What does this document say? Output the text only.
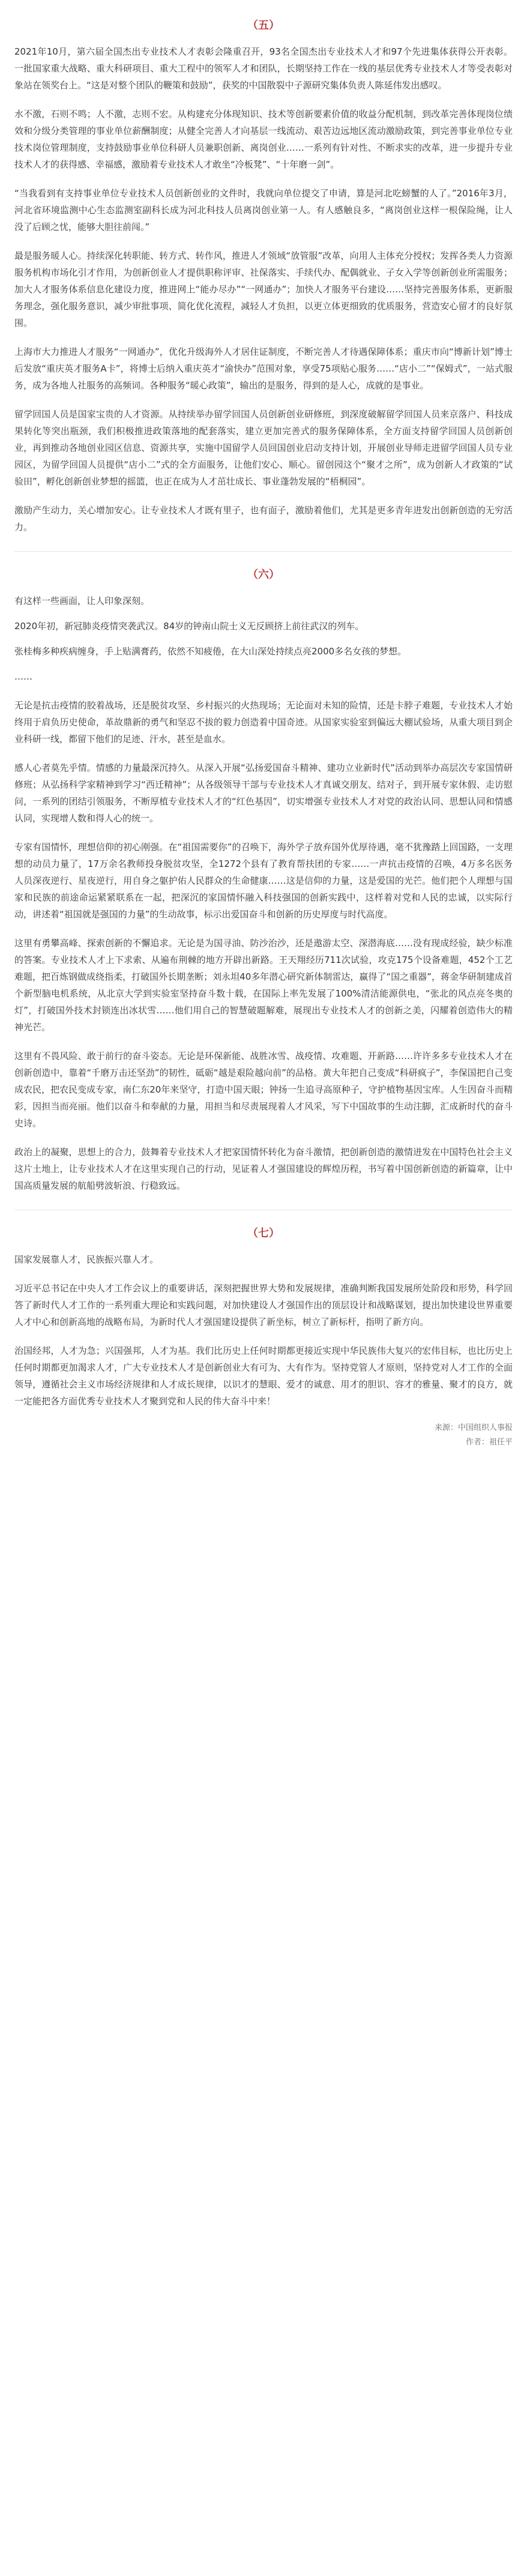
（五）

2021年10月，第六届全国杰出专业技术人才表彰会隆重召开，93名全国杰出专业技术人才和97个先进集体获得公开表彰。一批国家重大战略、重大科研项目、重大工程中的领军人才和团队，长期坚持工作在一线的基层优秀专业技术人才等受表彰对象站在领奖台上。“这是对整个团队的鞭策和鼓励”，获奖的中国散裂中子源研究集体负责人陈延伟发出感叹。

水不激，石则不鸣；人不激，志则不宏。从构建充分体现知识、技术等创新要素价值的收益分配机制，到改革完善体现岗位绩效和分级分类管理的事业单位薪酬制度；从健全完善人才向基层一线流动、艰苦边远地区流动激励政策，到完善事业单位专业技术岗位管理制度，支持鼓励事业单位科研人员兼职创新、离岗创业……一系列有针对性、不断求实的改革，进一步提升专业技术人才的获得感、幸福感，激励着专业技术人才敢坐“冷板凳”、“十年磨一剑”。

“当我看到有支持事业单位专业技术人员创新创业的文件时，我就向单位提交了申请，算是河北吃螃蟹的人了。”2016年3月，河北省环境监测中心生态监测室副科长成为河北科技人员离岗创业第一人。有人感触良多，“离岗创业这样一根保险绳，让人没了后顾之忧，能够大胆往前闯。”

最是服务暖人心。持续深化转职能、转方式、转作风，推进人才领域“放管服”改革，向用人主体充分授权；发挥各类人力资源服务机构市场化引才作用，为创新创业人才提供职称评审、社保落实、手续代办、配偶就业、子女入学等创新创业所需服务；加大人才服务体系信息化建设力度，推进网上“能办尽办”“一网通办”；加快人才服务平台建设……坚持完善服务体系，更新服务理念，强化服务意识，减少审批事项、简化优化流程，减轻人才负担，以更立体更细致的优质服务，营造安心留才的良好氛围。

上海市大力推进人才服务“一网通办”，优化升级海外人才居住证制度，不断完善人才待遇保障体系；重庆市向“博新计划”博士后发放“重庆英才服务A卡”，将博士后纳入重庆英才“渝快办”范围对象，享受75项贴心服务……“店小二”“保姆式”，一站式服务，成为各地人社服务的高频词。各种服务“暖心政策”，输出的是服务，得到的是人心，成就的是事业。

留学回国人员是国家宝贵的人才资源。从持续举办留学回国人员创新创业研修班，到深度破解留学回国人员来京落户、科技成果转化等突出瓶颈，我们积极推进政策落地的配套落实，建立更加完善式的服务保障体系，全方面支持留学回国人员创新创业，再到推动各地创业园区信息、资源共享，实施中国留学人员回国创业启动支持计划，开展创业导师走进留学回国人员专业园区，为留学回国人员提供“店小二”式的全方面服务，让他们安心、顺心。留创园这个“聚才之所”，成为创新人才政策的“试验田”，孵化创新创业梦想的摇篮，也正在成为人才茁壮成长、事业蓬勃发展的“梧桐园”。

激励产生动力，关心增加安心。让专业技术人才既有里子，也有面子，激励着他们，尤其是更多青年进发出创新创造的无穷活力。

（六）

有这样一些画面，让人印象深刻。

2020年初，新冠肺炎疫情突袭武汉。84岁的钟南山院士义无反顾挤上前往武汉的列车。

张桂梅多种疾病缠身，手上贴满膏药，依然不知疲倦，在大山深处持续点亮2000多名女孩的梦想。

……

无论是抗击疫情的胶着战场，还是脱贫攻坚、乡村振兴的火热现场；无论面对未知的险情，还是卡脖子难题，专业技术人才始终用于肩负历史使命，革故鼎新的勇气和坚忍不拔的毅力创造着中国奇迹。从国家实验室到偏远大棚试验场，从重大项目到企业科研一线，都留下他们的足迹、汗水，甚至是血水。

感人心者莫先乎情。情感的力量最深沉持久。从深入开展“弘扬爱国奋斗精神、建功立业新时代”活动到举办高层次专家国情研修班；从弘扬科学家精神到学习“西迁精神”；从各级领导干部与专业技术人才真诚交朋友、结对子，到开展专家休假、走访慰问，一系列的团结引领服务，不断厚植专业技术人才的“红色基因”，切实增强专业技术人才对党的政治认同、思想认同和情感认同，实现增人数和得人心的统一。

专家有国情怀，理想信仰的初心刚强。在“祖国需要你”的召唤下，海外学子放弃国外优厚待遇，毫不犹豫踏上回国路，一支理想的动员力量了，17万余名教师投身脱贫攻坚，全1272个县有了教育帮扶团的专家……一声抗击疫情的召唤，4万多名医务人员深夜逆行、星夜逆行，用自身之躯护佑人民群众的生命健康……这是信仰的力量，这是爱国的光芒。他们把个人理想与国家和民族的前途命运紧紧联系在一起，把深沉的家国情怀融入科技强国的创新实践中，这样着对党和人民的忠诚，以实际行动，讲述着“祖国就是强国的力量”的生动故事，标示出爱国奋斗和创新的历史厚度与时代高度。

这里有勇攀高峰、探索创新的不懈追求。无论是为国寻油、防沙治沙，还是遨游太空、深潜海底……没有现成经验，缺少标准的答案。专业技术人才上下求索、从遍布荆棘的地方开辟出新路。王天翔经历711次试验，攻克175个设备难题，452个工艺难题，把百炼钢做成绕指柔，打破国外长期垄断；刘永坦40多年潜心研究新体制雷达，赢得了“国之重器”，蒋金华研制建成首个新型脑电机系统，从北京大学到实验室坚持奋斗数十载，在国际上率先发展了100%清洁能源供电，“张北的风点亮冬奥的灯”，打破国外技术封锁连出冰状雪……他们用自己的智慧破题解难，展现出专业技术人才的创新之美，闪耀着创造伟大的精神光芒。

这里有不畏风险、敢于前行的奋斗姿态。无论是环保新能、战胜冰雪、战疫情、攻难题、开新路……许许多多专业技术人才在创新创造中，靠着“千磨万击还坚劲”的韧性，砥砺“越是艰险越向前”的品格。黄大年把自己变成“科研疯子”，李保国把自己变成农民，把农民变成专家，南仁东20年来坚守，打造中国天眼；钟扬一生追寻高原种子，守护植物基因宝库。人生因奋斗而精彩，因担当而亮丽。他们以奋斗和奉献的力量，用担当和尽责展现着人才风采，写下中国故事的生动注脚，汇成新时代的奋斗史诗。

政治上的凝聚，思想上的合力，鼓舞着专业技术人才把家国情怀转化为奋斗激情，把创新创造的激情迸发在中国特色社会主义这片土地上，让专业技术人才在这里实现自己的行动，见证着人才强国建设的辉煌历程，书写着中国创新创造的新篇章，让中国高质量发展的航船劈波斩浪、行稳致远。

（七）

国家发展靠人才，民族振兴靠人才。

习近平总书记在中央人才工作会议上的重要讲话，深刻把握世界大势和发展规律，准确判断我国发展所处阶段和形势，科学回答了新时代人才工作的一系列重大理论和实践问题，对加快建设人才强国作出的顶层设计和战略谋划，提出加快建设世界重要人才中心和创新高地的战略布局，为新时代人才强国建设提供了新坐标，树立了新标杆，指明了新方向。

治国经邦，人才为急；兴国强邦，人才为基。我们比历史上任何时期都更接近实现中华民族伟大复兴的宏伟目标，也比历史上任何时期都更加渴求人才，广大专业技术人才是创新创业大有可为、大有作为。坚持党管人才原则，坚持党对人才工作的全面领导，遵循社会主义市场经济规律和人才成长规律，以识才的慧眼、爱才的诚意、用才的胆识、容才的雅量、聚才的良方，就一定能把各方面优秀专业技术人才聚到党和人民的伟大奋斗中来！

来源：中国组织人事报
作者：祖任平
